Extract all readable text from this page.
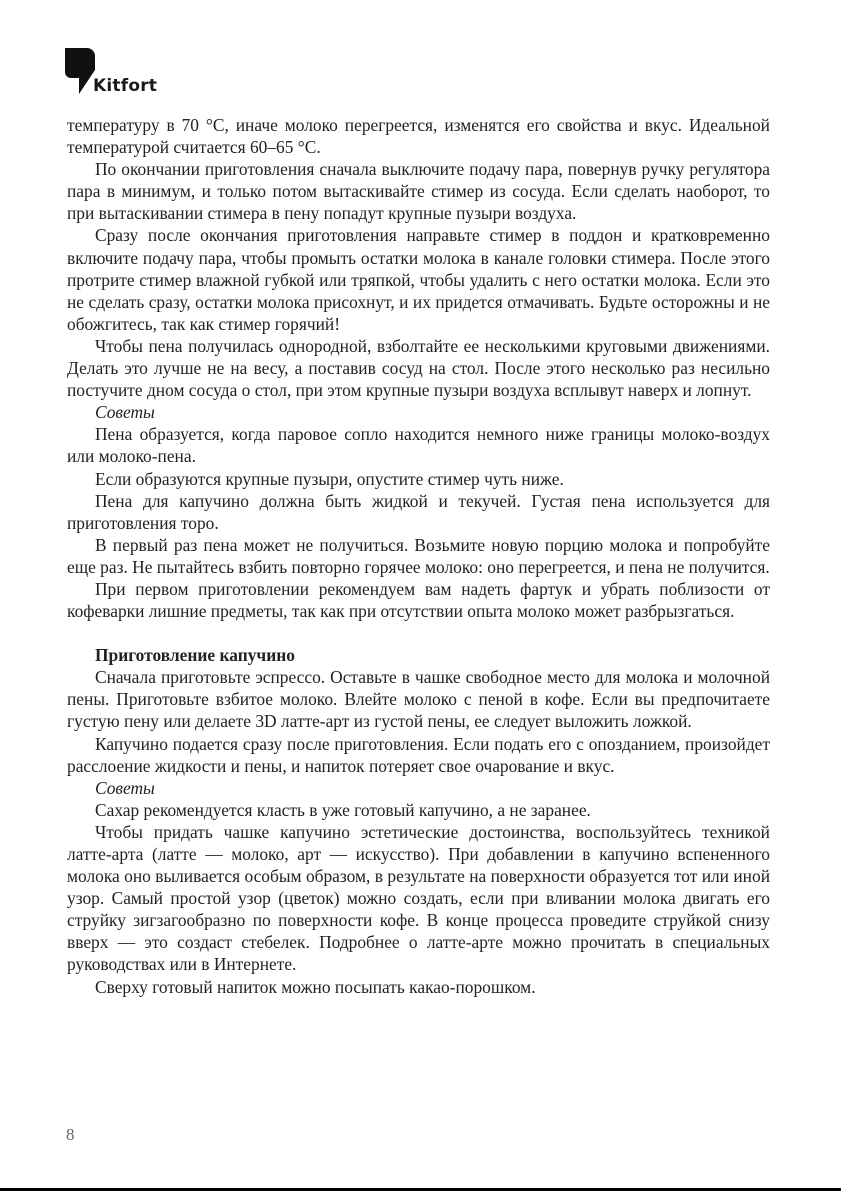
Kitfort

температуру в 70 °С, иначе молоко перегреется, изменятся его свойства и вкус. Идеальной температурой считается 60–65 °С.

По окончании приготовления сначала выключите подачу пара, повернув ручку регулятора пара в минимум, и только потом вытаскивайте стимер из сосуда. Если сделать наоборот, то при вытаскивании стимера в пену попадут крупные пузыри воздуха.

Сразу после окончания приготовления направьте стимер в поддон и кратковременно включите подачу пара, чтобы промыть остатки молока в канале головки стимера. После этого протрите стимер влажной губкой или тряпкой, чтобы удалить с него остатки молока. Если это не сделать сразу, остатки молока присохнут, и их придется отмачивать. Будьте осторожны и не обожгитесь, так как стимер горячий!

Чтобы пена получилась однородной, взболтайте ее несколькими круговыми движениями. Делать это лучше не на весу, а поставив сосуд на стол. После этого несколько раз несильно постучите дном сосуда о стол, при этом крупные пузыри воздуха всплывут наверх и лопнут.

Советы

Пена образуется, когда паровое сопло находится немного ниже границы молоко-воздух или молоко-пена.

Если образуются крупные пузыри, опустите стимер чуть ниже.

Пена для капучино должна быть жидкой и текучей. Густая пена используется для приготовления торо.

В первый раз пена может не получиться. Возьмите новую порцию молока и попробуйте еще раз. Не пытайтесь взбить повторно горячее молоко: оно перегреется, и пена не получится.

При первом приготовлении рекомендуем вам надеть фартук и убрать поблизости от кофеварки лишние предметы, так как при отсутствии опыта молоко может разбрызгаться.

Приготовление капучино

Сначала приготовьте эспрессо. Оставьте в чашке свободное место для молока и молочной пены. Приготовьте взбитое молоко. Влейте молоко с пеной в кофе. Если вы предпочитаете густую пену или делаете 3D латте-арт из густой пены, ее следует выложить ложкой.

Капучино подается сразу после приготовления. Если подать его с опозданием, произойдет расслоение жидкости и пены, и напиток потеряет свое очарование и вкус.

Советы

Сахар рекомендуется класть в уже готовый капучино, а не заранее.

Чтобы придать чашке капучино эстетические достоинства, воспользуйтесь техникой латте-арта (латте — молоко, арт — искусство). При добавлении в капучино вспененного молока оно выливается особым образом, в результате на поверхности образуется тот или иной узор. Самый простой узор (цветок) можно создать, если при вливании молока двигать его струйку зигзагообразно по поверхности кофе. В конце процесса проведите струйкой снизу вверх — это создаст стебелек. Подробнее о латте-арте можно прочитать в специальных руководствах или в Интернете.

Сверху готовый напиток можно посыпать какао-порошком.

8
